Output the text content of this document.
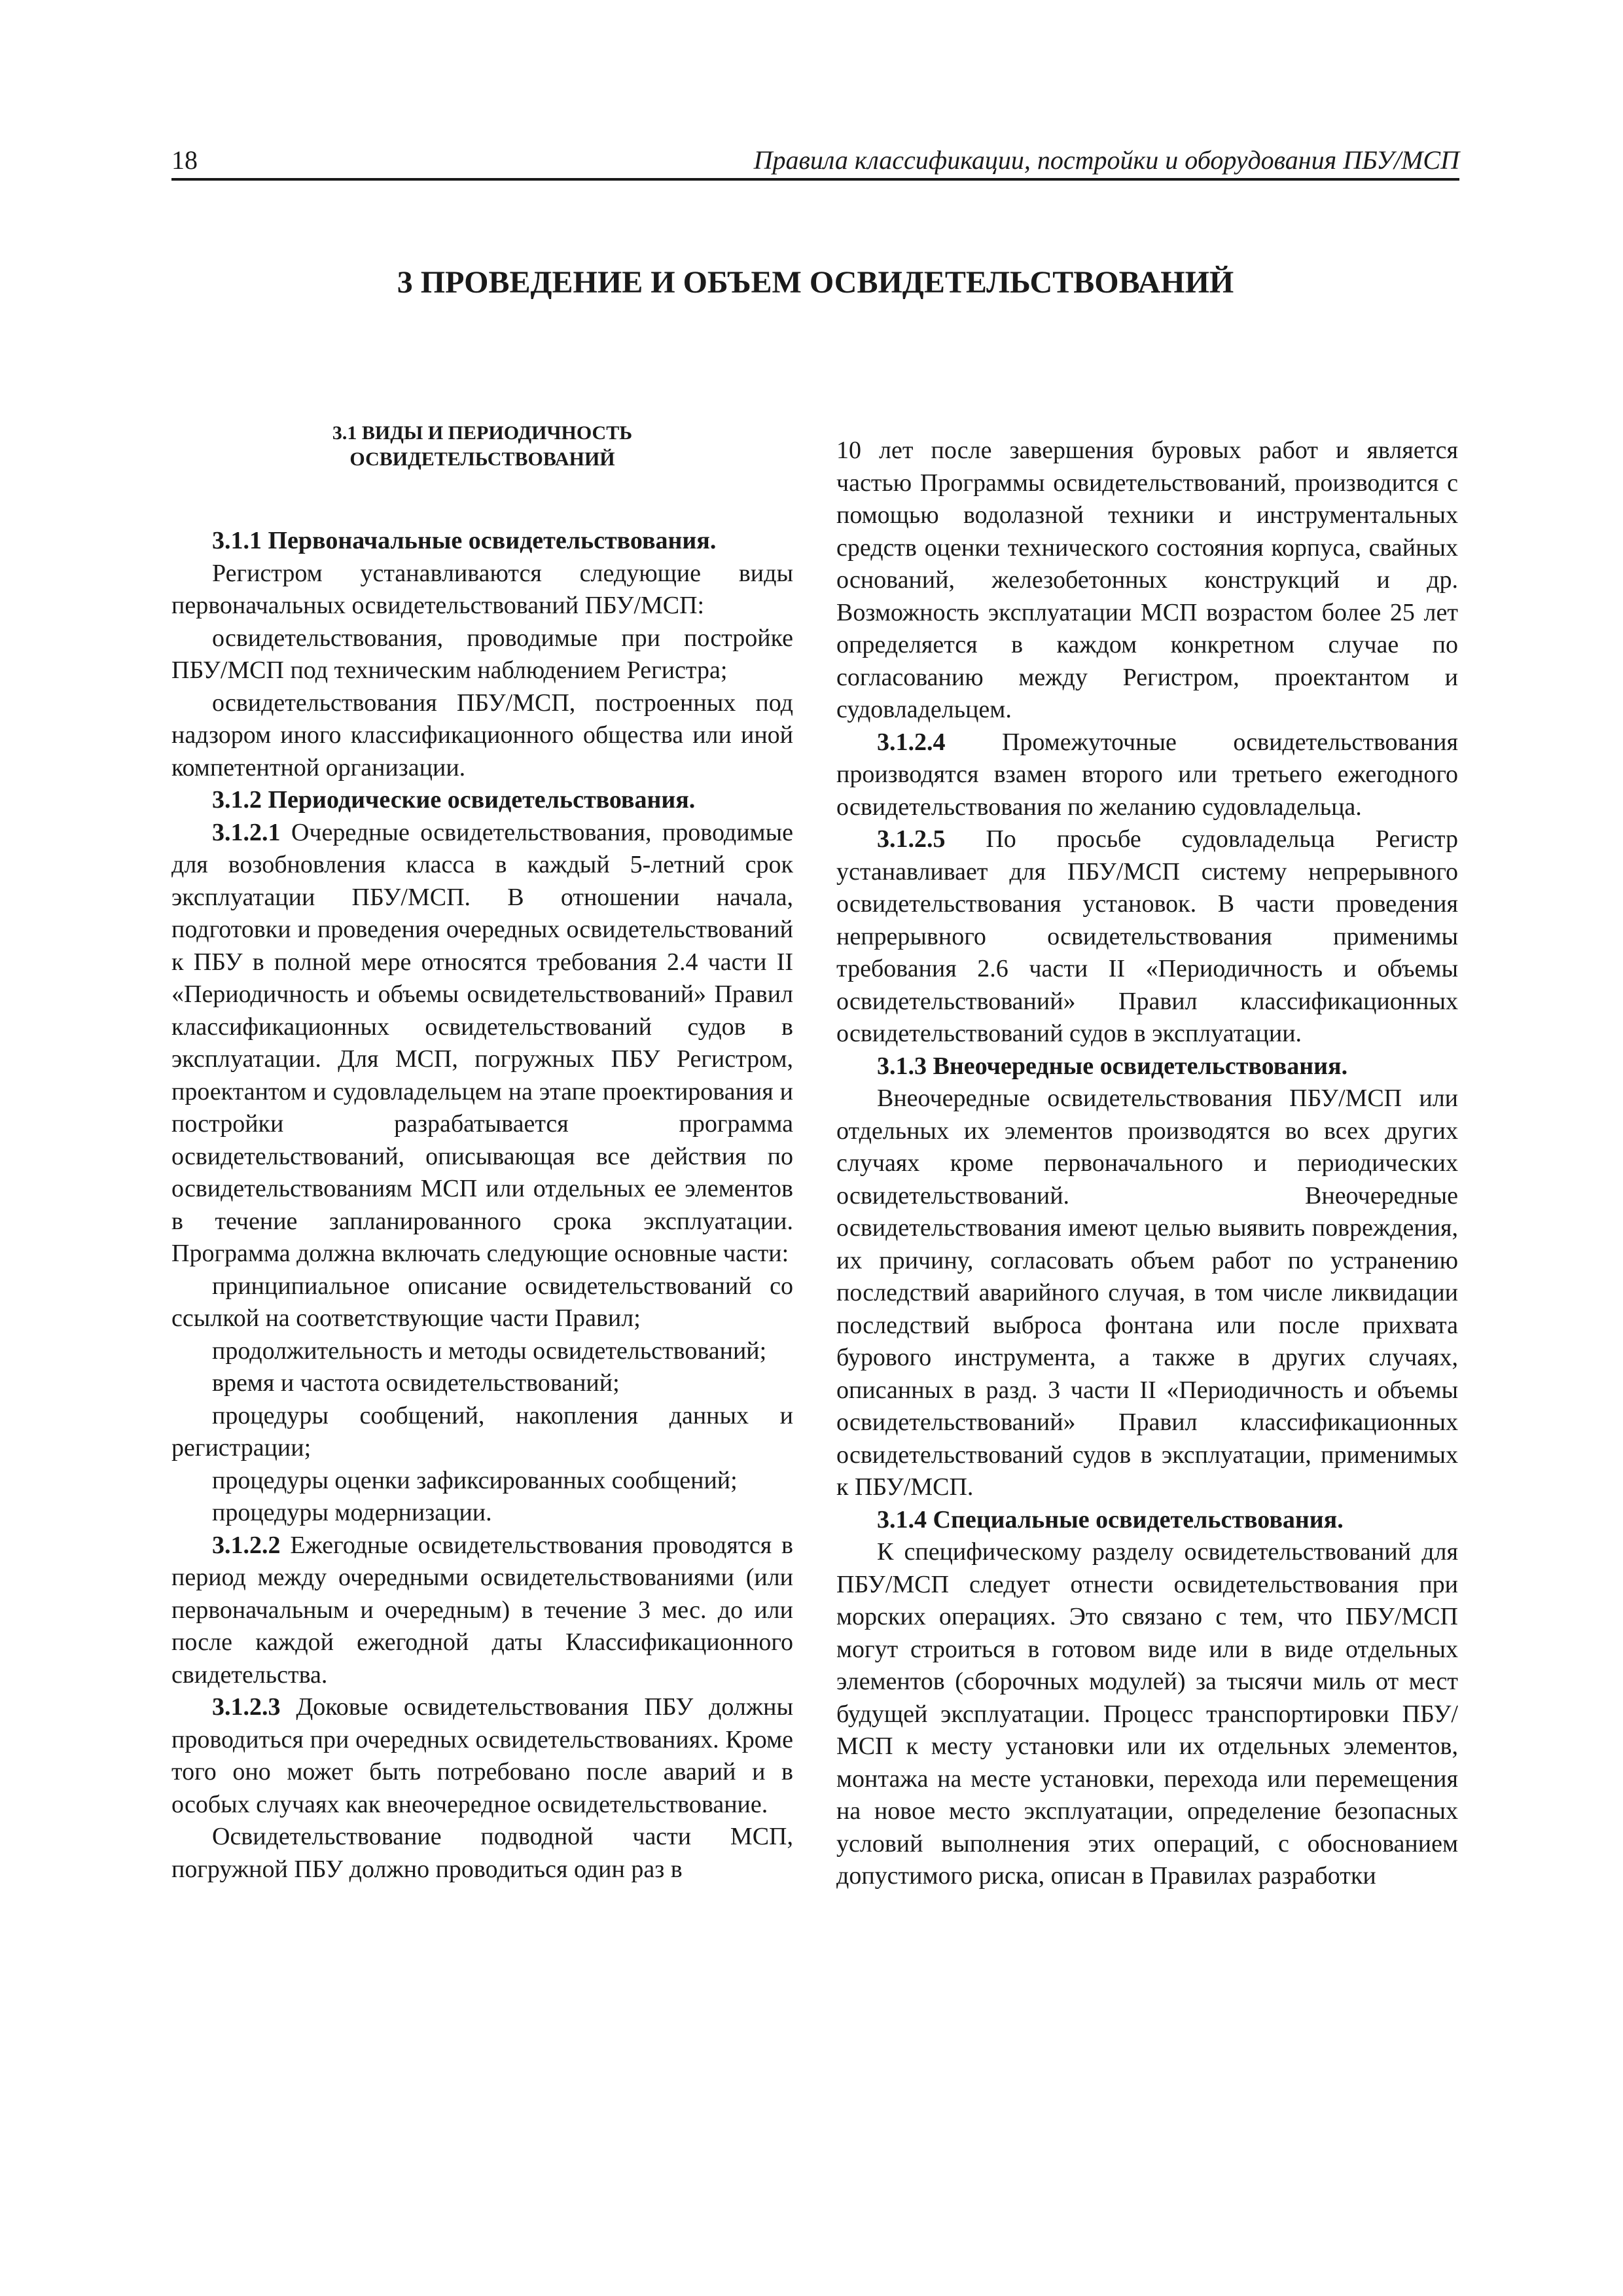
18	Правила классификации, постройки и оборудования ПБУ/МСП
3 ПРОВЕДЕНИЕ И ОБЪЕМ ОСВИДЕТЕЛЬСТВОВАНИЙ
3.1 ВИДЫ И ПЕРИОДИЧНОСТЬ
ОСВИДЕТЕЛЬСТВОВАНИЙ

3.1.1 Первоначальные освидетельствования.

Регистром устанавливаются следующие виды первоначальных освидетельствований ПБУ/МСП:

освидетельствования, проводимые при постройке ПБУ/МСП под техническим наблюдением Регистра;

освидетельствования ПБУ/МСП, построенных под надзором иного классификационного общества или иной компетентной организации.

3.1.2 Периодические освидетельствования.

3.1.2.1 Очередные освидетельствования, проводимые для возобновления класса в каждый 5-летний срок эксплуатации ПБУ/МСП. В отношении начала, подготовки и проведения очередных освидетельствований к ПБУ в полной мере относятся требования 2.4 части II «Периодичность и объемы освидетельствований» Правил классификационных освидетельствований судов в эксплуатации. Для МСП, погружных ПБУ Регистром, проектантом и судовладельцем на этапе проектирования и постройки разрабатывается программа освидетельствований, описывающая все действия по освидетельствованиям МСП или отдельных ее элементов в течение запланированного срока эксплуатации. Программа должна включать следующие основные части:

принципиальное описание освидетельствований со ссылкой на соответствующие части Правил;

продолжительность и методы освидетельствований;

время и частота освидетельствований;

процедуры сообщений, накопления данных и регистрации;

процедуры оценки зафиксированных сообщений;

процедуры модернизации.

3.1.2.2 Ежегодные освидетельствования проводятся в период между очередными освидетельствованиями (или первоначальным и очередным) в течение 3 мес. до или после каждой ежегодной даты Классификационного свидетельства.

3.1.2.3 Доковые освидетельствования ПБУ должны проводиться при очередных освидетельствованиях. Кроме того оно может быть потребовано после аварий и в особых случаях как внеочередное освидетельствование.

Освидетельствование подводной части МСП, погружной ПБУ должно проводиться один раз в

10 лет после завершения буровых работ и является частью Программы освидетельствований, производится с помощью водолазной техники и инструментальных средств оценки технического состояния корпуса, свайных оснований, железобетонных конструкций и др. Возможность эксплуатации МСП возрастом более 25 лет определяется в каждом конкретном случае по согласованию между Регистром, проектантом и судовладельцем.

3.1.2.4 Промежуточные освидетельствования производятся взамен второго или третьего ежегодного освидетельствования по желанию судовладельца.

3.1.2.5 По просьбе судовладельца Регистр устанавливает для ПБУ/МСП систему непрерывного освидетельствования установок. В части проведения непрерывного освидетельствования применимы требования 2.6 части II «Периодичность и объемы освидетельствований» Правил классификационных освидетельствований судов в эксплуатации.

3.1.3 Внеочередные освидетельствования.

Внеочередные освидетельствования ПБУ/МСП или отдельных их элементов производятся во всех других случаях кроме первоначального и периодических освидетельствований. Внеочередные освидетельствования имеют целью выявить повреждения, их причину, согласовать объем работ по устранению последствий аварийного случая, в том числе ликвидации последствий выброса фонтана или после прихвата бурового инструмента, а также в других случаях, описанных в разд. 3 части II «Периодичность и объемы освидетельствований» Правил классификационных освидетельствований судов в эксплуатации, применимых к ПБУ/МСП.

3.1.4 Специальные освидетельствования.

К специфическому разделу освидетельствований для ПБУ/МСП следует отнести освидетельствования при морских операциях. Это связано с тем, что ПБУ/МСП могут строиться в готовом виде или в виде отдельных элементов (сборочных модулей) за тысячи миль от мест будущей эксплуатации. Процесс транспортировки ПБУ/МСП к месту установки или их отдельных элементов, монтажа на месте установки, перехода или перемещения на новое место эксплуатации, определение безопасных условий выполнения этих операций, с обоснованием допустимого риска, описан в Правилах разработки
